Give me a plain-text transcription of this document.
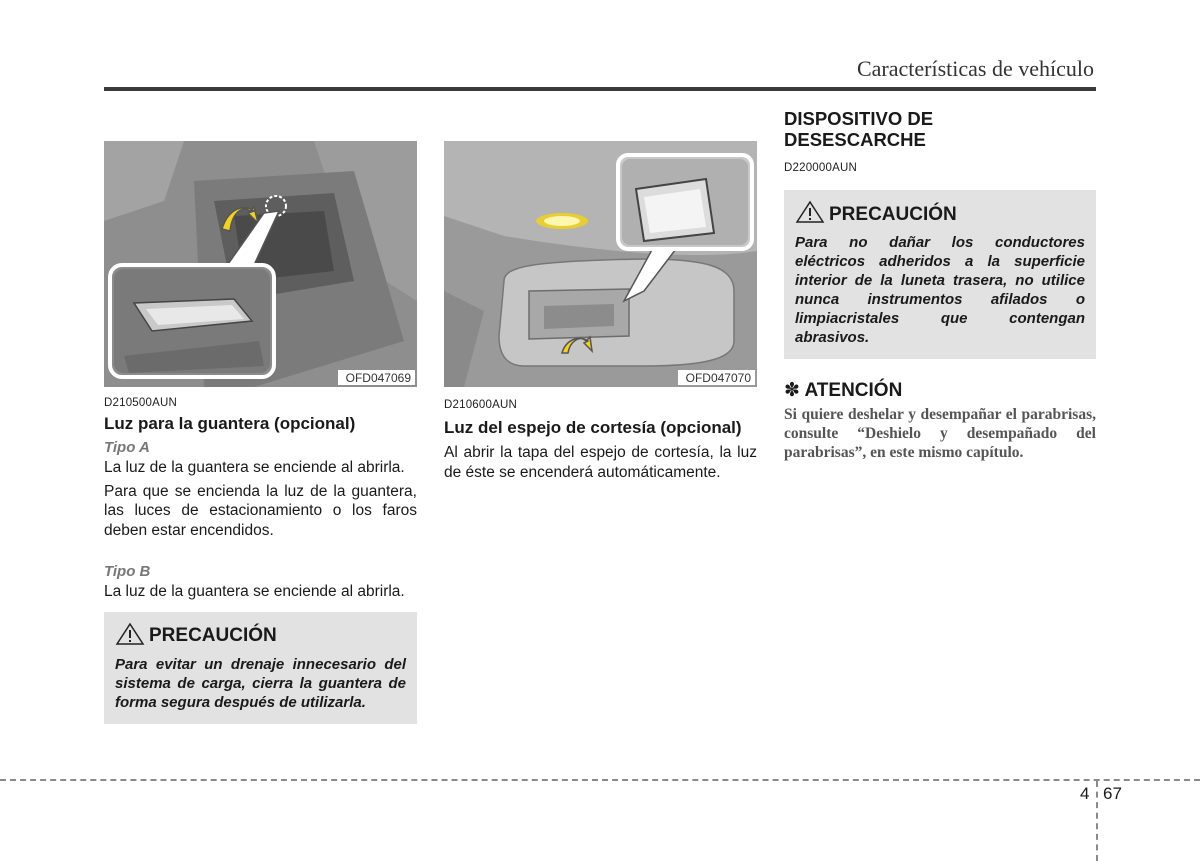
Características de vehículo
OFD047069
D210500AUN
Luz para la guantera (opcional)
Tipo A

La luz de la guantera se enciende al abrirla.

Para que se encienda la luz de la guantera, las luces de estacionamiento o los faros deben estar encendidos.

Tipo B

La luz de la guantera se enciende al abrirla.

PRECAUCIÓN
Para evitar un drenaje innecesario del sistema de carga, cierra la guantera de forma segura después de utilizarla.
OFD047070
D210600AUN
Luz del espejo de cortesía (opcional)

Al abrir la tapa del espejo de cortesía, la luz de éste se encenderá automáticamente.

DISPOSITIVO DE DESESCARCHE
D220000AUN
PRECAUCIÓN
Para no dañar los conductores eléctricos adheridos a la superficie interior de la luneta trasera, no utilice nunca instrumentos afilados o limpiacristales que contengan abrasivos.
✽ ATENCIÓN
Si quiere deshelar y desempañar el parabrisas, consulte “Deshielo y desempañado del parabrisas”, en este mismo capítulo.
4 67
